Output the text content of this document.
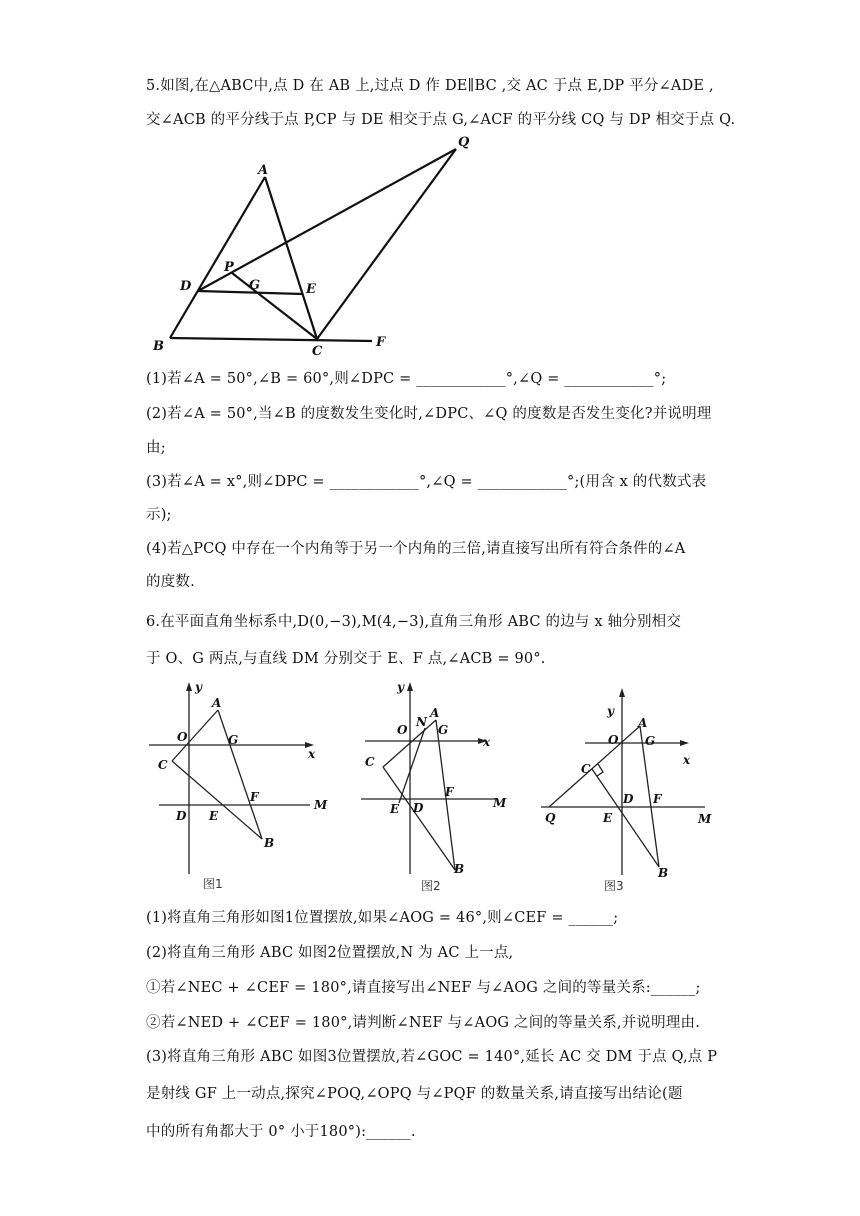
5.如图,在△ABC中,点 D 在 AB 上,过点 D 作 DE∥BC ,交 AC 于点 E,DP 平分∠ADE ,
交∠ACB 的平分线于点 P,CP 与 DE 相交于点 G,∠ACF 的平分线 CQ 与 DP 相交于点 Q.
A
Q
P
D	G	E
B	C
F
(1)若∠A = 50°,∠B = 60°,则∠DPC = ____________°,∠Q = ____________°;
(2)若∠A = 50°,当∠B 的度数发生变化时,∠DPC、∠Q 的度数是否发生变化?并说明理
由;
(3)若∠A = x°,则∠DPC = ____________°,∠Q = ____________°;(用含 x 的代数式表
示);
(4)若△PCQ 中存在一个内角等于另一个内角的三倍,请直接写出所有符合条件的∠A
的度数.
6.在平面直角坐标系中,D(0,−3),M(4,−3),直角三角形 ABC 的边与 x 轴分别相交
于 O、G 两点,与直线 DM 分别交于 E、F 点,∠ACB = 90°.
y
x
O
A
G
C
F
M
D E
B
图1
y
x
O
N
A
G
C
F
M
E D
B
图2
y
x
O
A
G
C
D F
Q	E	M
B
图3
(1)将直角三角形如图1位置摆放,如果∠AOG = 46°,则∠CEF = ______;
(2)将直角三角形 ABC 如图2位置摆放,N 为 AC 上一点,
①若∠NEC + ∠CEF = 180°,请直接写出∠NEF 与∠AOG 之间的等量关系:______;
②若∠NED + ∠CEF = 180°,请判断∠NEF 与∠AOG 之间的等量关系,并说明理由.
(3)将直角三角形 ABC 如图3位置摆放,若∠GOC = 140°,延长 AC 交 DM 于点 Q,点 P
是射线 GF 上一动点,探究∠POQ,∠OPQ 与∠PQF 的数量关系,请直接写出结论(题
中的所有角都大于 0° 小于180°):______.
